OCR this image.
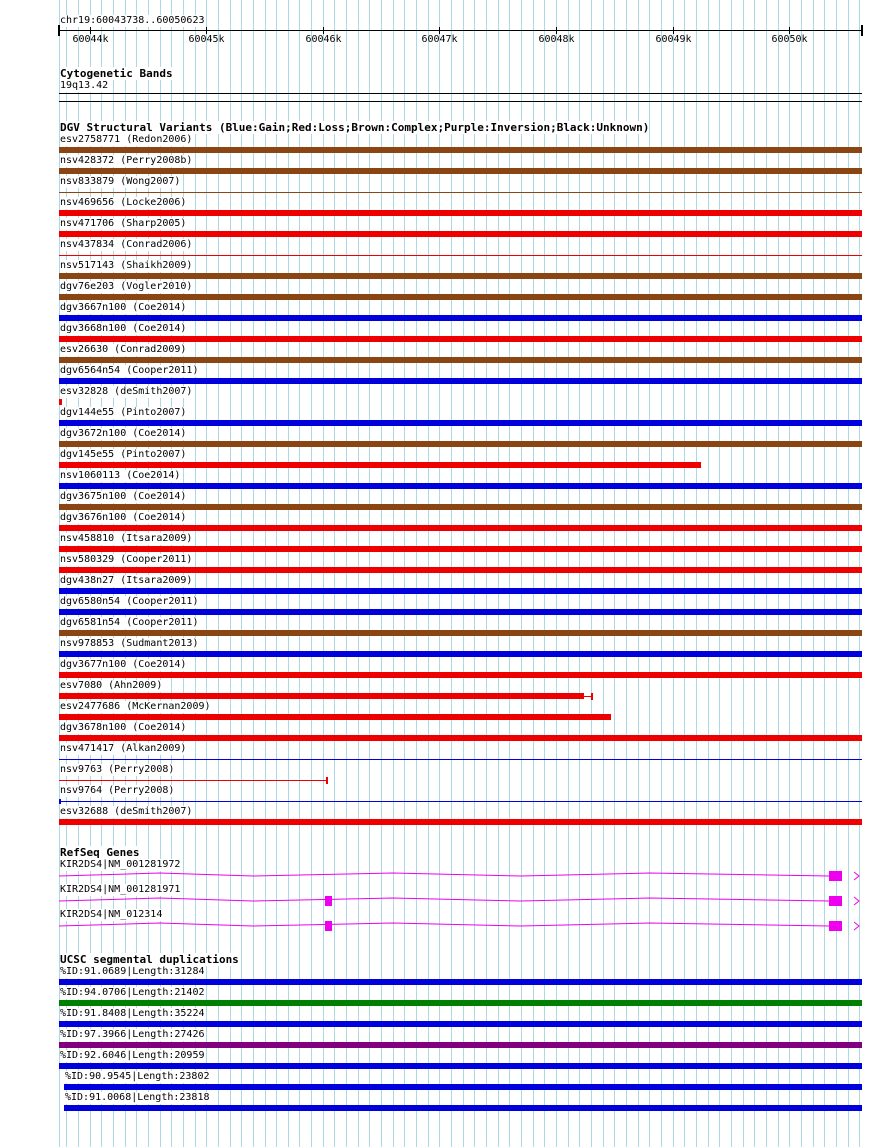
chr19:60043738..60050623
60044k	60045k	60046k	60047k	60048k	60049k	60050k
Cytogenetic Bands
19q13.42
DGV Structural Variants (Blue:Gain;Red:Loss;Brown:Complex;Purple:Inversion;Black:Unknown)
esv2758771 (Redon2006)
nsv428372 (Perry2008b)
nsv833879 (Wong2007)
nsv469656 (Locke2006)
nsv471706 (Sharp2005)
nsv437834 (Conrad2006)
nsv517143 (Shaikh2009)
dgv76e203 (Vogler2010)
dgv3667n100 (Coe2014)
dgv3668n100 (Coe2014)
esv26630 (Conrad2009)
dgv6564n54 (Cooper2011)
esv32828 (deSmith2007)
dgv144e55 (Pinto2007)
dgv3672n100 (Coe2014)
dgv145e55 (Pinto2007)
nsv1060113 (Coe2014)
dgv3675n100 (Coe2014)
dgv3676n100 (Coe2014)
nsv458810 (Itsara2009)
nsv580329 (Cooper2011)
dgv438n27 (Itsara2009)
dgv6580n54 (Cooper2011)
dgv6581n54 (Cooper2011)
nsv978853 (Sudmant2013)
dgv3677n100 (Coe2014)
esv7080 (Ahn2009)
esv2477686 (McKernan2009)
dgv3678n100 (Coe2014)
nsv471417 (Alkan2009)
nsv9763 (Perry2008)
nsv9764 (Perry2008)
esv32688 (deSmith2007)
RefSeq Genes
KIR2DS4|NM_001281972
KIR2DS4|NM_001281971
KIR2DS4|NM_012314
UCSC segmental duplications
%ID:91.0689|Length:31284
%ID:94.0706|Length:21402
%ID:91.8408|Length:35224
%ID:97.3966|Length:27426
%ID:92.6046|Length:20959
%ID:90.9545|Length:23802
%ID:91.0068|Length:23818
